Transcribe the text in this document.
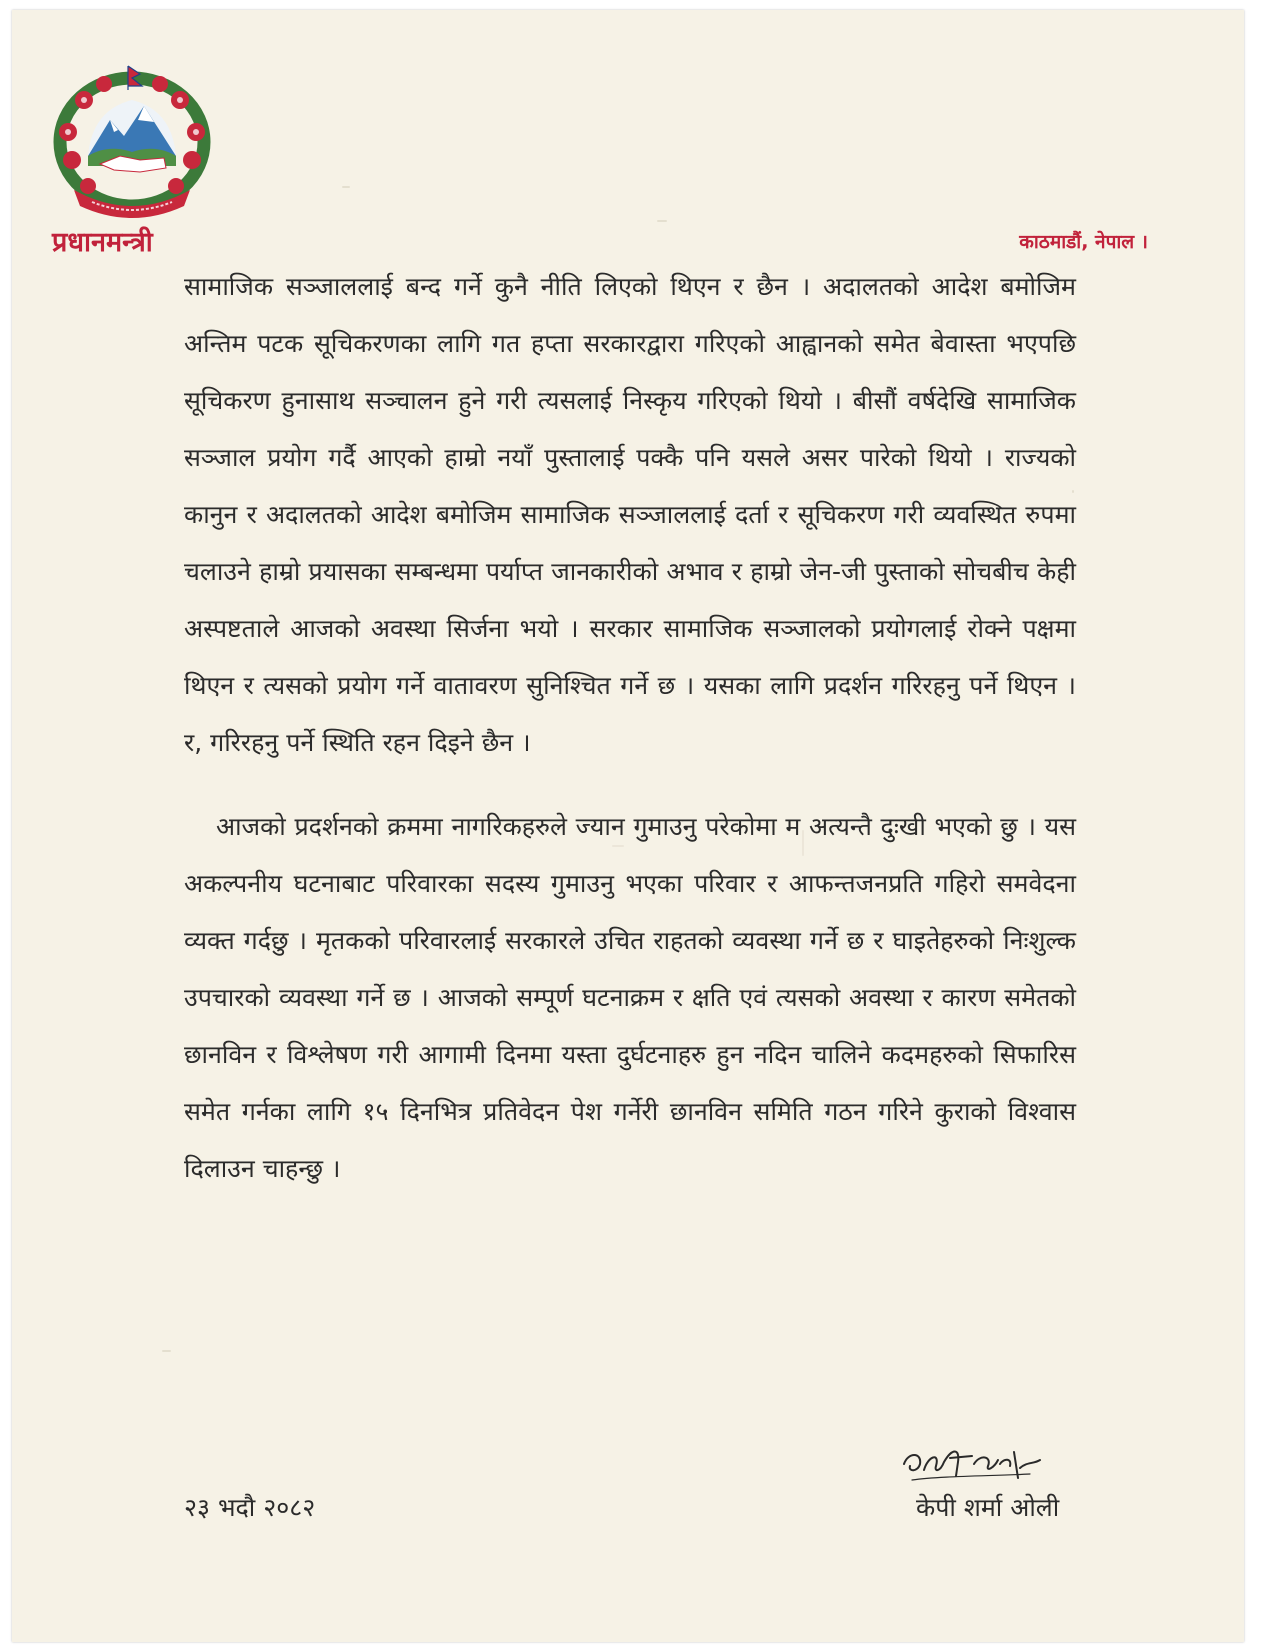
प्रधानमन्त्री	काठमाडौं, नेपाल ।

सामाजिक सञ्जाललाई बन्द गर्ने कुनै नीति लिएको थिएन र छैन । अदालतको आदेश बमोजिम अन्तिम पटक सूचिकरणका लागि गत हप्ता सरकारद्वारा गरिएको आह्वानको समेत बेवास्ता भएपछि सूचिकरण हुनासाथ सञ्चालन हुने गरी त्यसलाई निस्कृय गरिएको थियो । बीसौं वर्षदेखि सामाजिक सञ्जाल प्रयोग गर्दै आएको हाम्रो नयाँ पुस्तालाई पक्कै पनि यसले असर पारेको थियो । राज्यको कानुन र अदालतको आदेश बमोजिम सामाजिक सञ्जाललाई दर्ता र सूचिकरण गरी व्यवस्थित रुपमा चलाउने हाम्रो प्रयासका सम्बन्धमा पर्याप्त जानकारीको अभाव र हाम्रो जेन-जी पुस्ताको सोचबीच केही अस्पष्टताले आजको अवस्था सिर्जना भयो । सरकार सामाजिक सञ्जालको प्रयोगलाई रोक्ने पक्षमा थिएन र त्यसको प्रयोग गर्ने वातावरण सुनिश्चित गर्ने छ । यसका लागि प्रदर्शन गरिरहनु पर्ने थिएन । र, गरिरहनु पर्ने स्थिति रहन दिइने छैन ।

आजको प्रदर्शनको क्रममा नागरिकहरुले ज्यान गुमाउनु परेकोमा म अत्यन्तै दुःखी भएको छु । यस अकल्पनीय घटनाबाट परिवारका सदस्य गुमाउनु भएका परिवार र आफन्तजनप्रति गहिरो समवेदना व्यक्त गर्दछु । मृतकको परिवारलाई सरकारले उचित राहतको व्यवस्था गर्ने छ र घाइतेहरुको निःशुल्क उपचारको व्यवस्था गर्ने छ । आजको सम्पूर्ण घटनाक्रम र क्षति एवं त्यसको अवस्था र कारण समेतको छानविन र विश्लेषण गरी आगामी दिनमा यस्ता दुर्घटनाहरु हुन नदिन चालिने कदमहरुको सिफारिस समेत गर्नका लागि १५ दिनभित्र प्रतिवेदन पेश गर्नेरी छानविन समिति गठन गरिने कुराको विश्वास दिलाउन चाहन्छु ।

२३ भदौ २०८२	केपी शर्मा ओली
